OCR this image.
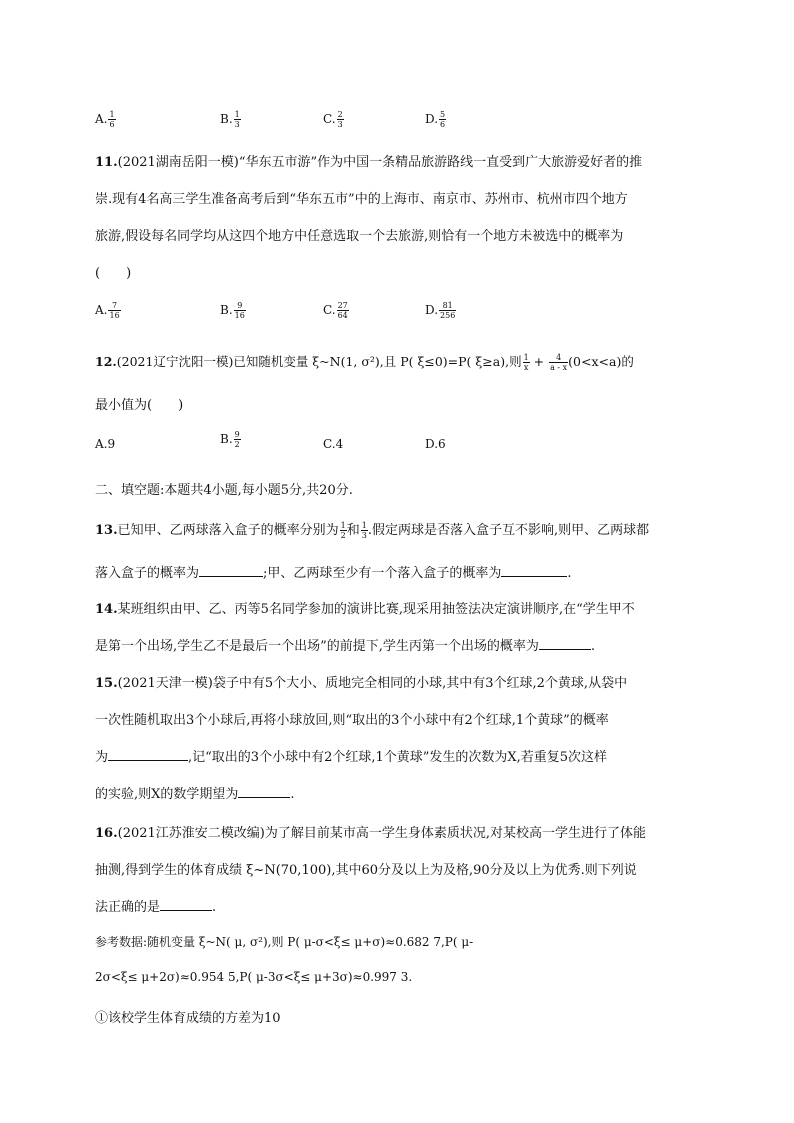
A. $\frac{1}{6}$	B. $\frac{1}{3}$	C. $\frac{2}{3}$	D. $\frac{5}{6}$
11.(2021湖南岳阳一模)“华东五市游”作为中国一条精品旅游路线一直受到广大旅游爱好者的推
崇.现有4名高三学生准备高考后到“华东五市”中的上海市、南京市、苏州市、杭州市四个地方
旅游,假设每名同学均从这四个地方中任意选取一个去旅游,则恰有一个地方未被选中的概率为
(　　)
A. $\frac{7}{16}$	B. $\frac{9}{16}$	C. $\frac{27}{64}$	D. $\frac{81}{256}$
12.(2021辽宁沈阳一模)已知随机变量 ξ~N(1, σ²),且 P( ξ≤0)=P( ξ≥a),则 $\frac{1}{x} + \frac{4}{a - x} (0<x<a)$的
最小值为(　　)
A.9	B. $\frac{9}{2}$	C.4	D.6
二、填空题:本题共4小题,每小题5分,共20分.
13.已知甲、乙两球落入盒子的概率分别为 $\frac{1}{2}$ 和 $\frac{1}{3}$ .假定两球是否落入盒子互不影响,则甲、乙两球都
落入盒子的概率为	;甲、乙两球至少有一个落入盒子的概率为	.
14.某班组织由甲、乙、丙等5名同学参加的演讲比赛,现采用抽签法决定演讲顺序,在“学生甲不
是第一个出场,学生乙不是最后一个出场”的前提下,学生丙第一个出场的概率为	.
15.(2021天津一模)袋子中有5个大小、质地完全相同的小球,其中有3个红球,2个黄球,从袋中
一次性随机取出3个小球后,再将小球放回,则“取出的3个小球中有2个红球,1个黄球”的概率
为	,记“取出的3个小球中有2个红球,1个黄球”发生的次数为X,若重复5次这样
的实验,则X的数学期望为	.
16.(2021江苏淮安二模改编)为了解目前某市高一学生身体素质状况,对某校高一学生进行了体能
抽测,得到学生的体育成绩 ξ~N(70,100),其中60分及以上为及格,90分及以上为优秀.则下列说
法正确的是	.
参考数据:随机变量 ξ~N( μ, σ²),则 P( μ-σ<ξ≤ μ+σ)≈0.682 7,P( μ-
2σ<ξ≤ μ+2σ)≈0.954 5,P( μ-3σ<ξ≤ μ+3σ)≈0.997 3.
①该校学生体育成绩的方差为10
